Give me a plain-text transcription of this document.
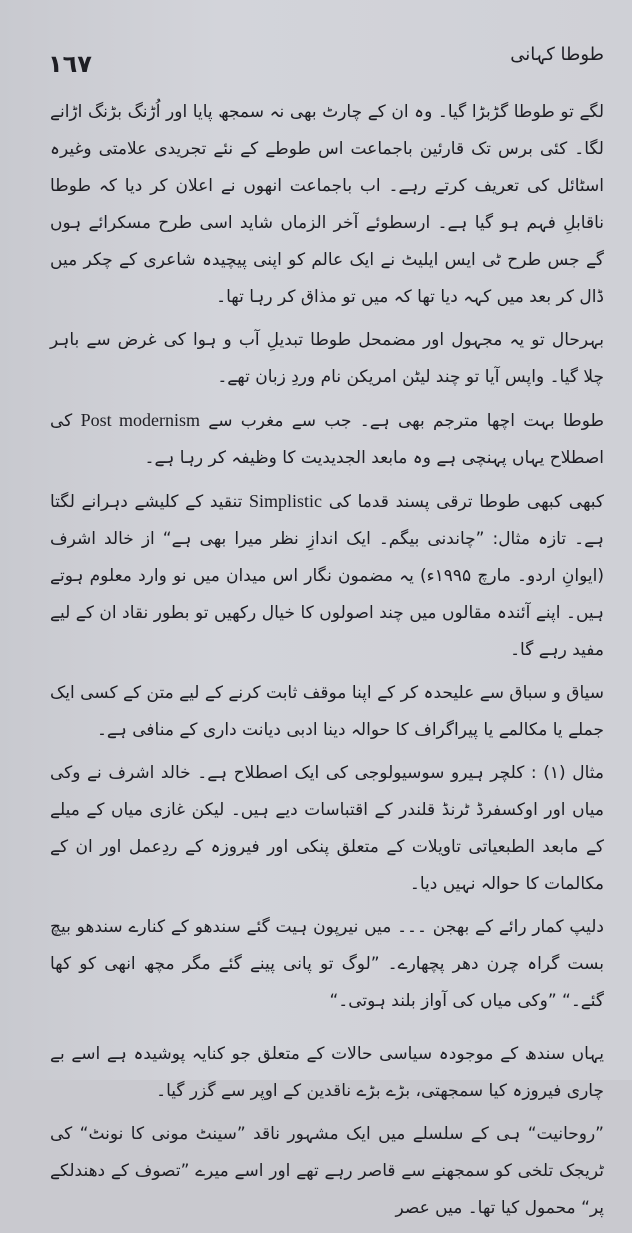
١٦٧	طوطا کہانی

لگے تو طوطا گڑبڑا گیا۔ وہ ان کے چارٹ بھی نہ سمجھ پایا اور اُڑنگ بڑنگ اڑانے لگا۔ کئی برس تک قارئین باجماعت اس طوطے کے نئے تجریدی علامتی وغیرہ اسٹائل کی تعریف کرتے رہے۔ اب باجماعت انھوں نے اعلان کر دیا کہ طوطا ناقابلِ فہم ہو گیا ہے۔ ارسطوئے آخر الزماں شاید اسی طرح مسکرائے ہوں گے جس طرح ٹی ایس ایلیٹ نے ایک عالم کو اپنی پیچیدہ شاعری کے چکر میں ڈال کر بعد میں کہہ دیا تھا کہ میں تو مذاق کر رہا تھا۔

بہرحال تو یہ مجہول اور مضمحل طوطا تبدیلِ آب و ہوا کی غرض سے باہر چلا گیا۔ واپس آیا تو چند لیٹن امریکن نام وردِ زبان تھے۔

طوطا بہت اچھا مترجم بھی ہے۔ جب سے مغرب سے Post modernism کی اصطلاح یہاں پہنچی ہے وہ مابعد الجدیدیت کا وظیفہ کر رہا ہے۔

کبھی کبھی طوطا ترقی پسند قدما کی Simplistic تنقید کے کلیشے دہرانے لگتا ہے۔ تازہ مثال: ”چاندنی بیگم۔ ایک اندازِ نظر میرا بھی ہے“ از خالد اشرف (ایوانِ اردو۔ مارچ ۱۹۹۵ء) یہ مضمون نگار اس میدان میں نو وارد معلوم ہوتے ہیں۔ اپنے آئندہ مقالوں میں چند اصولوں کا خیال رکھیں تو بطور نقاد ان کے لیے مفید رہے گا۔

سیاق و سباق سے علیحدہ کر کے اپنا موقف ثابت کرنے کے لیے متن کے کسی ایک جملے یا مکالمے یا پیراگراف کا حوالہ دینا ادبی دیانت داری کے منافی ہے۔

مثال (۱) : کلچر ہیرو سوسیولوجی کی ایک اصطلاح ہے۔ خالد اشرف نے وکی میاں اور اوکسفرڈ ٹرنڈ قلندر کے اقتباسات دیے ہیں۔ لیکن غازی میاں کے میلے کے مابعد الطبعیاتی تاویلات کے متعلق پنکی اور فیروزہ کے ردِعمل اور ان کے مکالمات کا حوالہ نہیں دیا۔

دلیپ کمار رائے کے بھجن ۔۔۔ میں نیرپون ہیت گئے سندھو کے کنارے سندھو بیچ بست گراہ چرن دھر پچھارے۔ ”لوگ تو پانی پینے گئے مگر مچھ انھی کو کھا گئے۔“ ”وکی میاں کی آواز بلند ہوتی۔“

یہاں سندھ کے موجودہ سیاسی حالات کے متعلق جو کنایہ پوشیدہ ہے اسے بے چاری فیروزہ کیا سمجھتی، بڑے بڑے ناقدین کے اوپر سے گزر گیا۔

”روحانیت“ ہی کے سلسلے میں ایک مشہور ناقد ”سینٹ مونی کا نونٹ“ کی ٹریجک تلخی کو سمجھنے سے قاصر رہے تھے اور اسے میرے ”تصوف کے دھندلکے پر“ محمول کیا تھا۔ میں عصر
